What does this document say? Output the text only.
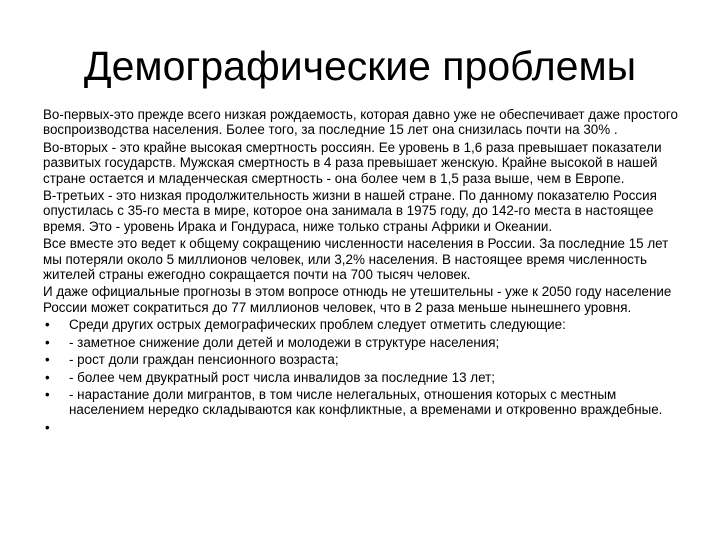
Демографические проблемы

Во-первых-это прежде всего низкая рождаемость, которая давно уже не обеспечивает даже простого воспроизводства населения. Более того, за последние 15 лет она снизилась почти на 30% .

Во-вторых - это крайне высокая смертность россиян. Ее уровень в 1,6 раза превышает показатели развитых государств. Мужская смертность в 4 раза превышает женскую. Крайне высокой в нашей стране остается и младенческая смертность - она более чем в 1,5 раза выше, чем в Европе.

В-третьих - это низкая продолжительность жизни в нашей стране. По данному показателю Россия опустилась с 35-го места в мире, которое она занимала в 1975 году, до 142-го места в настоящее время. Это - уровень Ирака и Гондураса, ниже только страны Африки и Океании.

Все вместе это ведет к общему сокращению численности населения в России. За последние 15 лет мы потеряли около 5 миллионов человек, или 3,2% населения. В настоящее время численность жителей страны ежегодно сокращается почти на 700 тысяч человек.

И даже официальные прогнозы в этом вопросе отнюдь не утешительны - уже к 2050 году население России может сократиться до 77 миллионов человек, что в 2 раза меньше нынешнего уровня.

• Среди других острых демографических проблем следует отметить следующие:
• - заметное снижение доли детей и молодежи в структуре населения;
• - рост доли граждан пенсионного возраста;
• - более чем двукратный рост числа инвалидов за последние 13 лет;
• - нарастание доли мигрантов, в том числе нелегальных, отношения которых с местным населением нередко складываются как конфликтные, а временами и откровенно враждебные.
•
